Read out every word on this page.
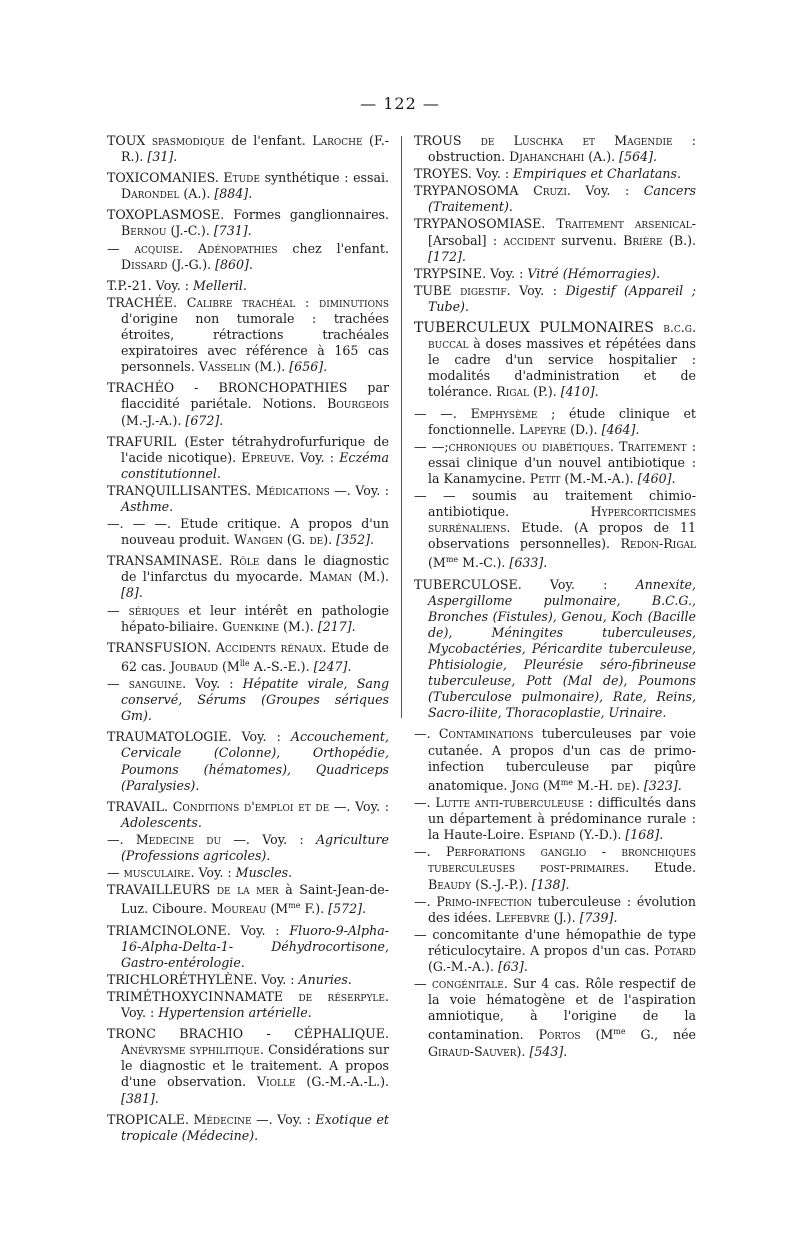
— 122 —

TOUX spasmodique de l'enfant. Laroche (F.-R.). [31].

TOXICOMANIES. Etude synthétique : essai. Darondel (A.). [884].

TOXOPLASMOSE. Formes ganglionnaires. Bernou (J.-C.). [731].

— acquise. Adénopathies chez l'enfant. Dissard (J.-G.). [860].

T.P.-21. Voy. : Melleril.

TRACHÉE. Calibre trachéal : diminutions d'origine non tumorale : trachées étroites, rétractions trachéales expiratoires avec référence à 165 cas personnels. Vasselin (M.). [656].

TRACHÉO - BRONCHOPATHIES par flaccidité pariétale. Notions. Bourgeois (M.-J.-A.). [672].

TRAFURIL (Ester tétrahydrofurfurique de l'acide nicotique). Epreuve. Voy. : Eczéma constitutionnel.

TRANQUILLISANTES. Médications —. Voy. : Asthme.

—. — —. Etude critique. A propos d'un nouveau produit. Wangen (G. de). [352].

TRANSAMINASE. Rôle dans le diagnostic de l'infarctus du myocarde. Maman (M.). [8].

— sériques et leur intérêt en pathologie hépato-biliaire. Guenkine (M.). [217].

TRANSFUSION. Accidents rénaux. Etude de 62 cas. Joubaud ($M^{lle}$ A.-S.-E.). [247].

— sanguine. Voy. : Hépatite virale, Sang conservé, Sérums (Groupes sériques Gm).

TRAUMATOLOGIE. Voy. : Accouchement, Cervicale (Colonne), Orthopédie, Poumons (hématomes), Quadriceps (Paralysies).

TRAVAIL. Conditions d'emploi et de —. Voy. : Adolescents.

—. Medecine du —. Voy. : Agriculture (Professions agricoles).

— musculaire. Voy. : Muscles.

TRAVAILLEURS de la mer à Saint-Jean-de-Luz. Ciboure. Moureau ($M^{me}$ F.). [572].

TRIAMCINOLONE. Voy. : Fluoro-9-Alpha-16-Alpha-Delta-1- Déhydrocortisone, Gastro-entérologie.

TRICHLORÉTHYLÈNE. Voy. : Anuries.

TRIMÉTHOXYCINNAMATE de réserpyle. Voy. : Hypertension artérielle.

TRONC BRACHIO - CÉPHALIQUE. Anévrysme syphilitique. Considérations sur le diagnostic et le traitement. A propos d'une observation. Violle (G.-M.-A.-L.). [381].

TROPICALE. Médecine —. Voy. : Exotique et tropicale (Médecine).

TROUS de Luschka et Magendie : obstruction. Djahanchahi (A.). [564].

TROYES. Voy. : Empiriques et Charlatans.

TRYPANOSOMA Cruzi. Voy. : Cancers (Traitement).

TRYPANOSOMIASE. Traitement arsenical-[Arsobal] : accident survenu. Brière (B.). [172].

TRYPSINE. Voy. : Vitré (Hémorragies).

TUBE digestif. Voy. : Digestif (Appareil ; Tube).

TUBERCULEUX PULMONAIRES b.c.g. buccal à doses massives et répétées dans le cadre d'un service hospitalier : modalités d'administration et de tolérance. Rigal (P.). [410].

— —. Emphysème ; étude clinique et fonctionnelle. Lapeyre (D.). [464].

— —;chroniques ou diabétiques. Traitement : essai clinique d'un nouvel antibiotique : la Kanamycine. Petit (M.-M.-A.). [460].

— — soumis au traitement chimio-antibiotique. Hypercorticismes surrénaliens. Etude. (A propos de 11 observations personnelles). Redon-Rigal ($M^{me}$ M.-C.). [633].

TUBERCULOSE. Voy. : Annexite, Aspergillome pulmonaire, B.C.G., Bronches (Fistules), Genou, Koch (Bacille de), Méningites tuberculeuses, Mycobactéries, Péricardite tuberculeuse, Phtisiologie, Pleurésie séro-fibrineuse tuberculeuse, Pott (Mal de), Poumons (Tuberculose pulmonaire), Rate, Reins, Sacro-iliite, Thoracoplastie, Urinaire.

—. Contaminations tuberculeuses par voie cutanée. A propos d'un cas de primo-infection tuberculeuse par piqûre anatomique. Jong ($M^{me}$ M.-H. de). [323].

—. Lutte anti-tuberculeuse : difficultés dans un département à prédominance rurale : la Haute-Loire. Espiand (Y.-D.). [168].

—. Perforations ganglio - bronchiques tuberculeuses post-primaires. Etude. Beaudy (S.-J.-P.). [138].

—. Primo-infection tuberculeuse : évolution des idées. Lefebvre (J.). [739].

— concomitante d'une hémopathie de type réticulocytaire. A propos d'un cas. Potard (G.-M.-A.). [63].

— congénitale. Sur 4 cas. Rôle respectif de la voie hématogène et de l'aspiration amniotique, à l'origine de la contamination. Portos ($M^{me}$ G., née Giraud-Sauver). [543].
